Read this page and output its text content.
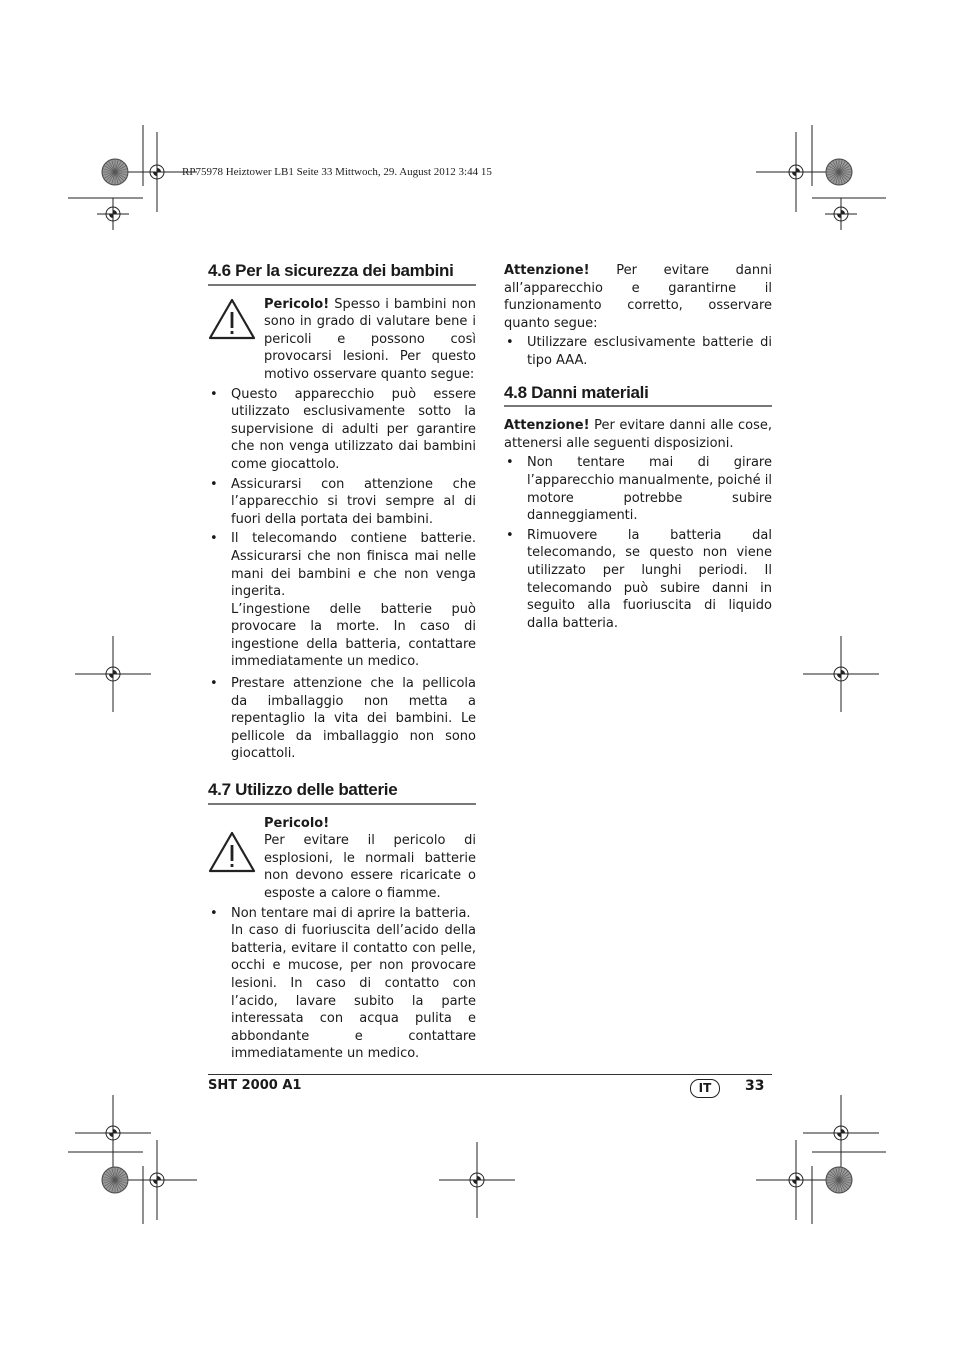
RP75978 Heiztower LB1 Seite 33 Mittwoch, 29. August 2012 3:44 15
4.6 Per la sicurezza dei bambini
Pericolo! Spesso i bambini non sono in grado di valutare bene i pericoli e possono così provocarsi lesioni. Per questo motivo osservare quanto segue:
• Questo apparecchio può essere utilizzato esclusivamente sotto la supervisione di adulti per garantire che non venga utilizzato dai bambini come giocattolo.
• Assicurarsi con attenzione che l’apparecchio si trovi sempre al di fuori della portata dei bambini.
• Il telecomando contiene batterie. Assicurarsi che non finisca mai nelle mani dei bambini e che non venga ingerita.

L’ingestione delle batterie può provocare la morte. In caso di ingestione della batteria, contattare immediatamente un medico.

• Prestare attenzione che la pellicola da imballaggio non metta a repentaglio la vita dei bambini. Le pellicole da imballaggio non sono giocattoli.
4.7 Utilizzo delle batterie
Pericolo!
Per evitare il pericolo di esplosioni, le normali batterie non devono essere ricaricate o esposte a calore o fiamme.
• Non tentare mai di aprire la batteria.

In caso di fuoriuscita dell’acido della batteria, evitare il contatto con pelle, occhi e mucose, per non provocare lesioni. In caso di contatto con l’acido, lavare subito la parte interessata con acqua pulita e abbondante e contattare immediatamente un medico.

Attenzione! Per evitare danni all’apparecchio e garantirne il funzionamento corretto, osservare quanto segue:

• Utilizzare esclusivamente batterie di tipo AAA.
4.8 Danni materiali

Attenzione! Per evitare danni alle cose, attenersi alle seguenti disposizioni.

• Non tentare mai di girare l’apparecchio manualmente, poiché il motore potrebbe subire danneggiamenti.
• Rimuovere la batteria dal telecomando, se questo non viene utilizzato per lunghi periodi. Il telecomando può subire danni in seguito alla fuoriuscita di liquido dalla batteria.
SHT 2000 A1	IT	33
